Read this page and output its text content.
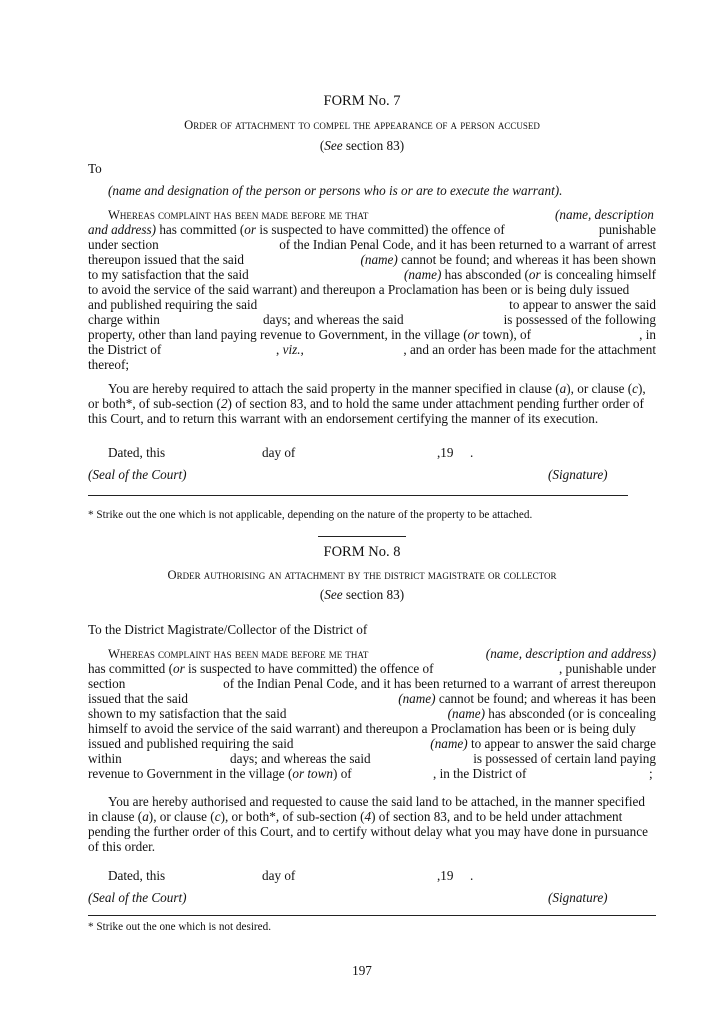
FORM No. 7
Order of attachment to compel the appearance of a person accused
(See section 83)
To
(name and designation of the person or persons who is or are to execute the warrant).
Whereas complaint has been made before me that	(name, description
and address) has committed (or is suspected to have committed) the offence of	punishable
under section	of the Indian Penal Code, and it has been returned to a warrant of arrest
thereupon issued that the said	(name) cannot be found; and whereas it has been shown
to my satisfaction that the said	(name) has absconded (or is concealing himself
to avoid the service of the said warrant) and thereupon a Proclamation has been or is being duly issued
and published requiring the said	to appear to answer the said
charge within	days; and whereas the said	is possessed of the following
property, other than land paying revenue to Government, in the village (or town), of	, in
the District of	, viz.,	, and an order has been made for the attachment
thereof;
You are hereby required to attach the said property in the manner specified in clause (a), or clause (c),
or both*, of sub-section (2) of section 83, and to hold the same under attachment pending further order of
this Court, and to return this warrant with an endorsement certifying the manner of its execution.
Dated, this	day of	,19 .
(Seal of the Court)	(Signature)
* Strike out the one which is not applicable, depending on the nature of the property to be attached.
FORM No. 8
Order authorising an attachment by the district magistrate or collector
(See section 83)
To the District Magistrate/Collector of the District of
Whereas complaint has been made before me that	(name, description and address)
has committed (or is suspected to have committed) the offence of	, punishable under
section	of the Indian Penal Code, and it has been returned to a warrant of arrest thereupon
issued that the said	(name) cannot be found; and whereas it has been
shown to my satisfaction that the said	(name) has absconded (or is concealing
himself to avoid the service of the said warrant) and thereupon a Proclamation has been or is being duly
issued and published requiring the said	(name) to appear to answer the said charge
within	days; and whereas the said	is possessed of certain land paying
revenue to Government in the village (or town) of	, in the District of	;
You are hereby authorised and requested to cause the said land to be attached, in the manner specified
in clause (a), or clause (c), or both*, of sub-section (4) of section 83, and to be held under attachment
pending the further order of this Court, and to certify without delay what you may have done in pursuance
of this order.
Dated, this	day of	,19 .
(Seal of the Court)	(Signature)
* Strike out the one which is not desired.
197
